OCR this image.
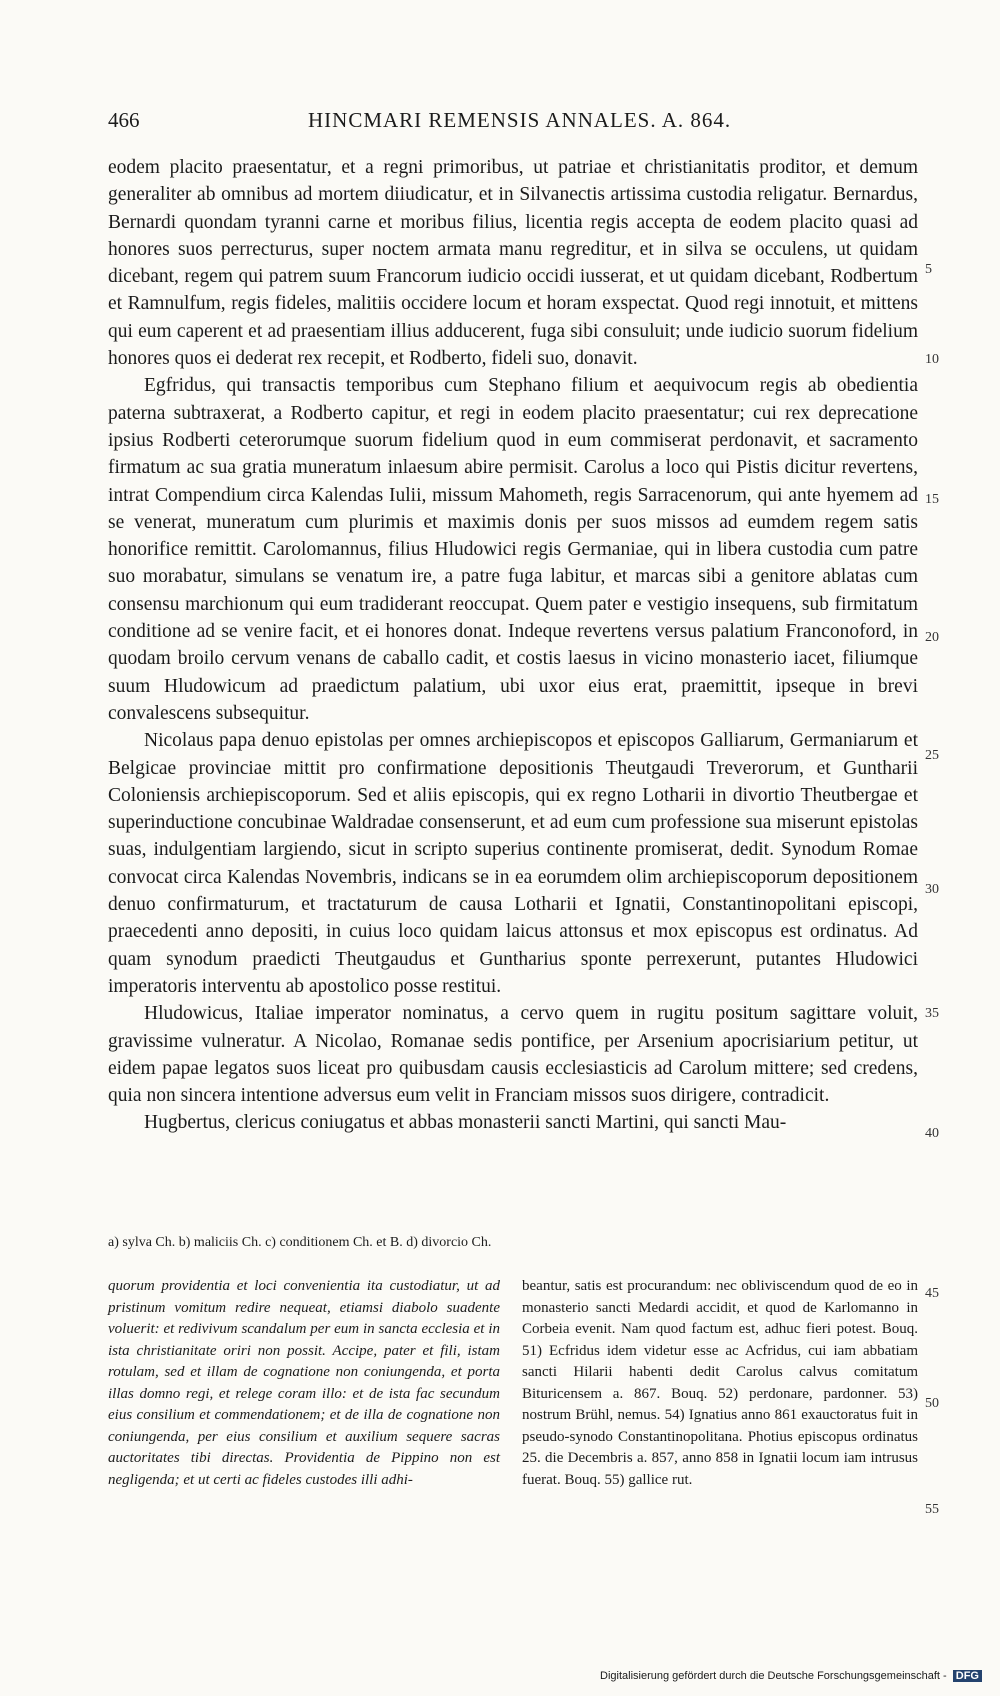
466	HINCMARI REMENSIS ANNALES. A. 864.

eodem placito praesentatur, et a regni primoribus, ut patriae et christianitatis proditor, et demum generaliter ab omnibus ad mortem diiudicatur, et in Silvanectis artissima custodia religatur. Bernardus, Bernardi quondam tyranni carne et moribus filius, licentia regis accepta de eodem placito quasi ad honores suos perrecturus, super noctem armata manu regreditur, et in silva se occulens, ut quidam dicebant, regem qui patrem suum Francorum iudicio occidi iusserat, et ut quidam dicebant, Rodbertum et Ramnulfum, regis fideles, malitiis occidere locum et horam exspectat. Quod regi innotuit, et mittens qui eum caperent et ad praesentiam illius adducerent, fuga sibi consuluit; unde iudicio suorum fidelium honores quos ei dederat rex recepit, et Rodberto, fideli suo, donavit.

Egfridus, qui transactis temporibus cum Stephano filium et aequivocum regis ab obedientia paterna subtraxerat, a Rodberto capitur, et regi in eodem placito praesentatur; cui rex deprecatione ipsius Rodberti ceterorumque suorum fidelium quod in eum commiserat perdonavit, et sacramento firmatum ac sua gratia muneratum inlaesum abire permisit. Carolus a loco qui Pistis dicitur revertens, intrat Compendium circa Kalendas Iulii, missum Mahometh, regis Sarracenorum, qui ante hyemem ad se venerat, muneratum cum plurimis et maximis donis per suos missos ad eumdem regem satis honorifice remittit. Carolomannus, filius Hludowici regis Germaniae, qui in libera custodia cum patre suo morabatur, simulans se venatum ire, a patre fuga labitur, et marcas sibi a genitore ablatas cum consensu marchionum qui eum tradiderant reoccupat. Quem pater e vestigio insequens, sub firmitatum conditione ad se venire facit, et ei honores donat. Indeque revertens versus palatium Franconoford, in quodam broilo cervum venans de caballo cadit, et costis laesus in vicino monasterio iacet, filiumque suum Hludowicum ad praedictum palatium, ubi uxor eius erat, praemittit, ipseque in brevi convalescens subsequitur.

Nicolaus papa denuo epistolas per omnes archiepiscopos et episcopos Galliarum, Germaniarum et Belgicae provinciae mittit pro confirmatione depositionis Theutgaudi Treverorum, et Guntharii Coloniensis archiepiscoporum. Sed et aliis episcopis, qui ex regno Lotharii in divortio Theutbergae et superinductione concubinae Waldradae consenserunt, et ad eum cum professione sua miserunt epistolas suas, indulgentiam largiendo, sicut in scripto superius continente promiserat, dedit. Synodum Romae convocat circa Kalendas Novembris, indicans se in ea eorumdem olim archiepiscoporum depositionem denuo confirmaturum, et tractaturum de causa Lotharii et Ignatii, Constantinopolitani episcopi, praecedenti anno depositi, in cuius loco quidam laicus attonsus et mox episcopus est ordinatus. Ad quam synodum praedicti Theutgaudus et Guntharius sponte perrexerunt, putantes Hludowici imperatoris interventu ab apostolico posse restitui.

Hludowicus, Italiae imperator nominatus, a cervo quem in rugitu positum sagittare voluit, gravissime vulneratur. A Nicolao, Romanae sedis pontifice, per Arsenium apocrisiarium petitur, ut eidem papae legatos suos liceat pro quibusdam causis ecclesiasticis ad Carolum mittere; sed credens, quia non sincera intentione adversus eum velit in Franciam missos suos dirigere, contradicit.

Hugbertus, clericus coniugatus et abbas monasterii sancti Martini, qui sancti Mau-

5
10
15
20
25
30
35
40
45
50
55
a) sylva Ch. b) maliciis Ch. c) conditionem Ch. et B. d) divorcio Ch.

quorum providentia et loci convenientia ita custodiatur, ut ad pristinum vomitum redire nequeat, etiamsi diabolo suadente voluerit: et redivivum scandalum per eum in sancta ecclesia et in ista christianitate oriri non possit. Accipe, pater et fili, istam rotulam, sed et illam de cognatione non coniungenda, et porta illas domno regi, et relege coram illo: et de ista fac secundum eius consilium et commendationem; et de illa de cognatione non coniungenda, per eius consilium et auxilium sequere sacras auctoritates tibi directas. Providentia de Pippino non est negligenda; et ut certi ac fideles custodes illi adhi-

beantur, satis est procurandum: nec obliviscendum quod de eo in monasterio sancti Medardi accidit, et quod de Karlomanno in Corbeia evenit. Nam quod factum est, adhuc fieri potest. Bouq. 51) Ecfridus idem videtur esse ac Acfridus, cui iam abbatiam sancti Hilarii habenti dedit Carolus calvus comitatum Bituricensem a. 867. Bouq. 52) perdonare, pardonner. 53) nostrum Brühl, nemus. 54) Ignatius anno 861 exauctoratus fuit in pseudo-synodo Constantinopolitana. Photius episcopus ordinatus 25. die Decembris a. 857, anno 858 in Ignatii locum iam intrusus fuerat. Bouq. 55) gallice rut.

Digitalisierung gefördert durch die Deutsche Forschungsgemeinschaft - DFG
